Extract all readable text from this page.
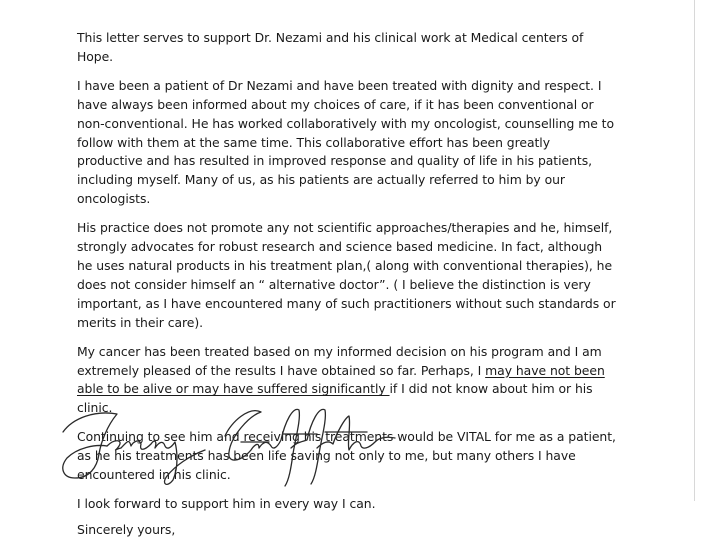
This letter serves to support Dr. Nezami and his clinical work at Medical centers of Hope.

I have been a patient of Dr Nezami and have been treated with dignity and respect. I have always been informed about my choices of care, if it has been conventional or non-conventional. He has worked collaboratively with my oncologist, counselling me to follow with them at the same time. This collaborative effort has been greatly productive and has resulted in improved response and quality of life in his patients, including myself. Many of us, as his patients are actually referred to him by our oncologists.

His practice does not promote any not scientific approaches/therapies and he, himself, strongly advocates for robust research and science based medicine. In fact, although he uses natural products in his treatment plan,( along with conventional therapies), he does not consider himself an “ alternative doctor”. ( I believe the distinction is very important, as I have encountered many of such practitioners without such standards or merits in their care).

My cancer has been treated based on my informed decision on his program and I am extremely pleased of the results I have obtained so far. Perhaps, I may have not been able to be alive or may have suffered significantly if I did not know about him or his clinic.

Continuing to see him and receiving his treatments would be VITAL for me as a patient, as he his treatments has been life saving not only to me, but many others I have encountered in his clinic.

I look forward to support him in every way I can.

Sincerely yours,
